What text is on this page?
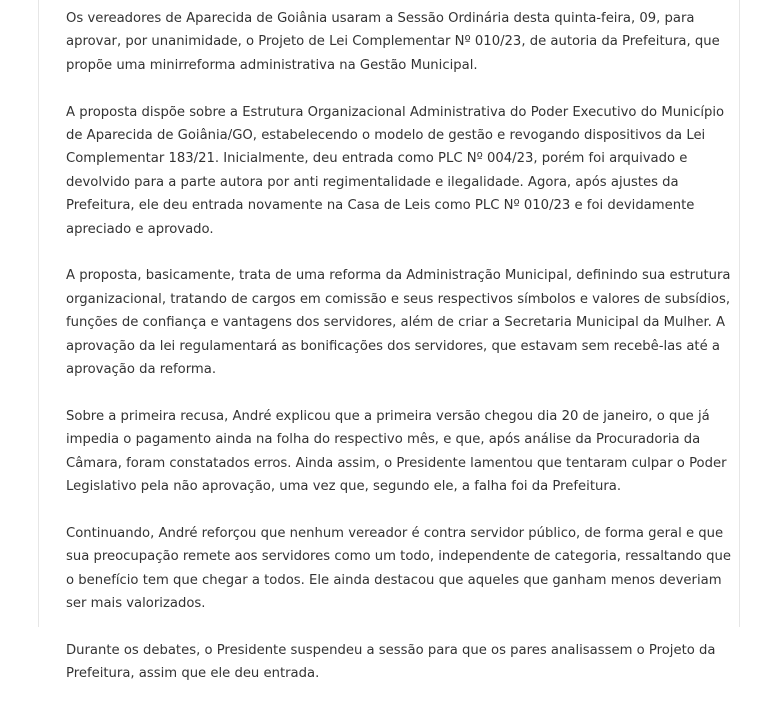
Os vereadores de Aparecida de Goiânia usaram a Sessão Ordinária desta quinta-feira, 09, para aprovar, por unanimidade, o Projeto de Lei Complementar Nº 010/23, de autoria da Prefeitura, que propõe uma minirreforma administrativa na Gestão Municipal.

A proposta dispõe sobre a Estrutura Organizacional Administrativa do Poder Executivo do Município de Aparecida de Goiânia/GO, estabelecendo o modelo de gestão e revogando dispositivos da Lei Complementar 183/21. Inicialmente, deu entrada como PLC Nº 004/23, porém foi arquivado e devolvido para a parte autora por anti regimentalidade e ilegalidade. Agora, após ajustes da Prefeitura, ele deu entrada novamente na Casa de Leis como PLC Nº 010/23 e foi devidamente apreciado e aprovado.

A proposta, basicamente, trata de uma reforma da Administração Municipal, definindo sua estrutura organizacional, tratando de cargos em comissão e seus respectivos símbolos e valores de subsídios, funções de confiança e vantagens dos servidores, além de criar a Secretaria Municipal da Mulher. A aprovação da lei regulamentará as bonificações dos servidores, que estavam sem recebê-las até a aprovação da reforma.

Sobre a primeira recusa, André explicou que a primeira versão chegou dia 20 de janeiro, o que já impedia o pagamento ainda na folha do respectivo mês, e que, após análise da Procuradoria da Câmara, foram constatados erros. Ainda assim, o Presidente lamentou que tentaram culpar o Poder Legislativo pela não aprovação, uma vez que, segundo ele, a falha foi da Prefeitura.

Continuando, André reforçou que nenhum vereador é contra servidor público, de forma geral e que sua preocupação remete aos servidores como um todo, independente de categoria, ressaltando que o benefício tem que chegar a todos. Ele ainda destacou que aqueles que ganham menos deveriam ser mais valorizados.

Durante os debates, o Presidente suspendeu a sessão para que os pares analisassem o Projeto da Prefeitura, assim que ele deu entrada.
